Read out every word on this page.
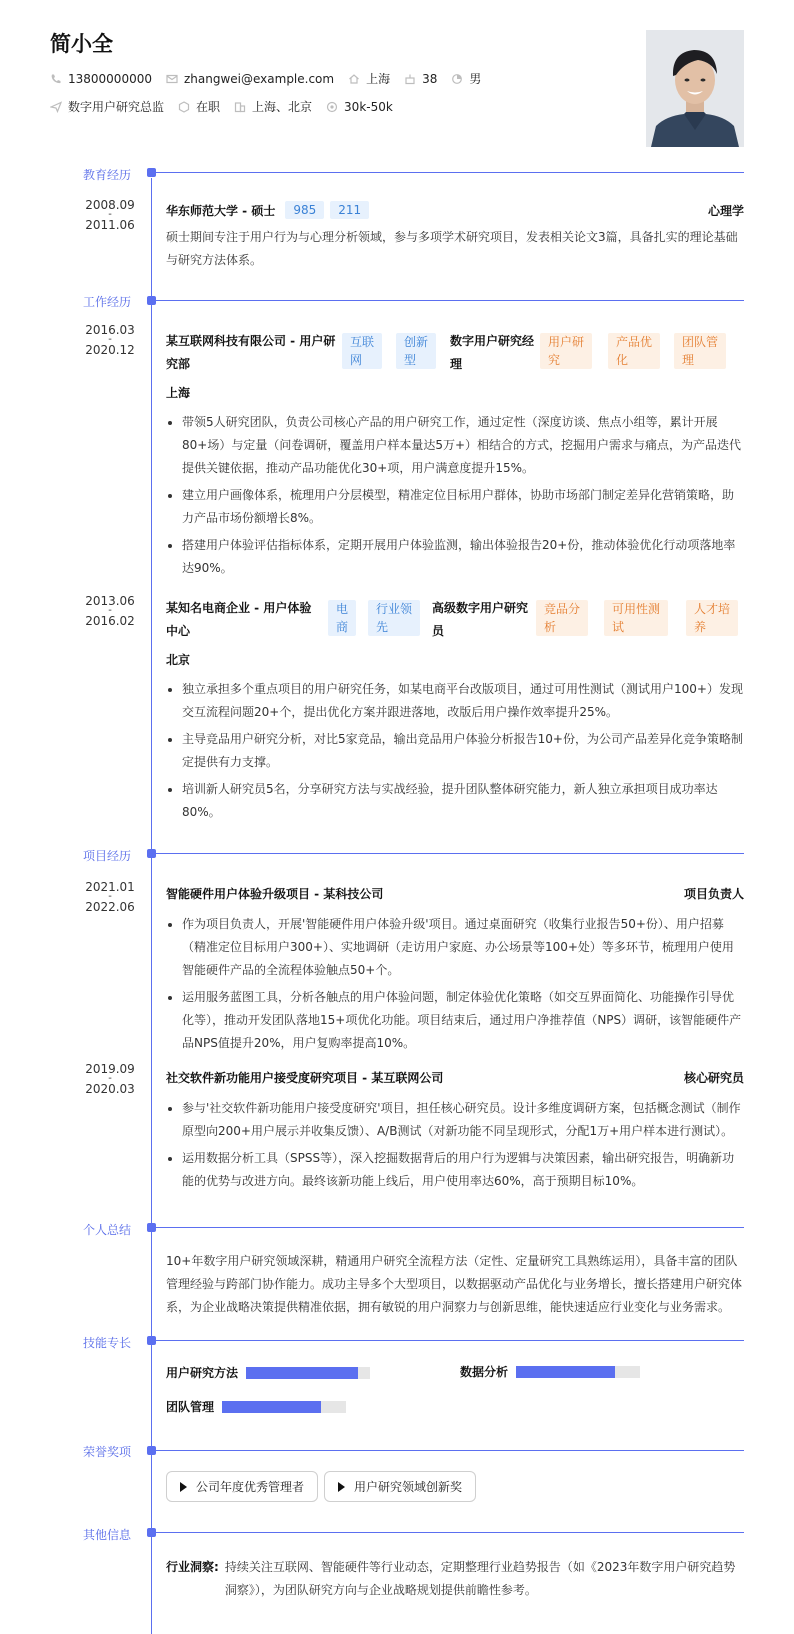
简小全
13800000000	zhangwei@example.com	上海	38	男
数字用户研究总监	在职	上海、北京	30k-50k
教育经历
2008.09
-
2011.06
华东师范大学 - 硕士	985	211	心理学
硕士期间专注于用户行为与心理分析领域，参与多项学术研究项目，发表相关论文3篇，具备扎实的理论基础与研究方法体系。
工作经历
2016.03
-
2020.12
某互联网科技有限公司 - 用户研
究部
互联
网
创新
型
数字用户研究经
理
用户研
究
产品优
化
团队管
理
上海
带领5人研究团队，负责公司核心产品的用户研究工作，通过定性（深度访谈、焦点小组等，累计开展80+场）与定量（问卷调研，覆盖用户样本量达5万+）相结合的方式，挖掘用户需求与痛点，为产品迭代提供关键依据，推动产品功能优化30+项，用户满意度提升15%。
建立用户画像体系，梳理用户分层模型，精准定位目标用户群体，协助市场部门制定差异化营销策略，助力产品市场份额增长8%。
搭建用户体验评估指标体系，定期开展用户体验监测，输出体验报告20+份，推动体验优化行动项落地率达90%。
2013.06
-
2016.02
某知名电商企业 - 用户体验
中心
电
商
行业领
先
高级数字用户研究
员
竞品分
析
可用性测
试
人才培
养
北京
独立承担多个重点项目的用户研究任务，如某电商平台改版项目，通过可用性测试（测试用户100+）发现交互流程问题20+个，提出优化方案并跟进落地，改版后用户操作效率提升25%。
主导竞品用户研究分析，对比5家竞品，输出竞品用户体验分析报告10+份，为公司产品差异化竞争策略制定提供有力支撑。
培训新人研究员5名，分享研究方法与实战经验，提升团队整体研究能力，新人独立承担项目成功率达80%。
项目经历
2021.01
-
2022.06
智能硬件用户体验升级项目 - 某科技公司	项目负责人
作为项目负责人，开展'智能硬件用户体验升级'项目。通过桌面研究（收集行业报告50+份）、用户招募（精准定位目标用户300+）、实地调研（走访用户家庭、办公场景等100+处）等多环节，梳理用户使用智能硬件产品的全流程体验触点50+个。
运用服务蓝图工具，分析各触点的用户体验问题，制定体验优化策略（如交互界面简化、功能操作引导优化等），推动开发团队落地15+项优化功能。项目结束后，通过用户净推荐值（NPS）调研，该智能硬件产品NPS值提升20%，用户复购率提高10%。
2019.09
-
2020.03
社交软件新功能用户接受度研究项目 - 某互联网公司	核心研究员
参与'社交软件新功能用户接受度研究'项目，担任核心研究员。设计多维度调研方案，包括概念测试（制作原型向200+用户展示并收集反馈）、A/B测试（对新功能不同呈现形式，分配1万+用户样本进行测试）。
运用数据分析工具（SPSS等），深入挖掘数据背后的用户行为逻辑与决策因素，输出研究报告，明确新功能的优势与改进方向。最终该新功能上线后，用户使用率达60%，高于预期目标10%。
个人总结
10+年数字用户研究领域深耕，精通用户研究全流程方法（定性、定量研究工具熟练运用），具备丰富的团队管理经验与跨部门协作能力。成功主导多个大型项目，以数据驱动产品优化与业务增长，擅长搭建用户研究体系，为企业战略决策提供精准依据，拥有敏锐的用户洞察力与创新思维，能快速适应行业变化与业务需求。
技能专长
用户研究方法	数据分析
团队管理
荣誉奖项
公司年度优秀管理者	用户研究领域创新奖
其他信息
行业洞察: 持续关注互联网、智能硬件等行业动态，定期整理行业趋势报告（如《2023年数字用户研究趋势洞察》），为团队研究方向与企业战略规划提供前瞻性参考。
